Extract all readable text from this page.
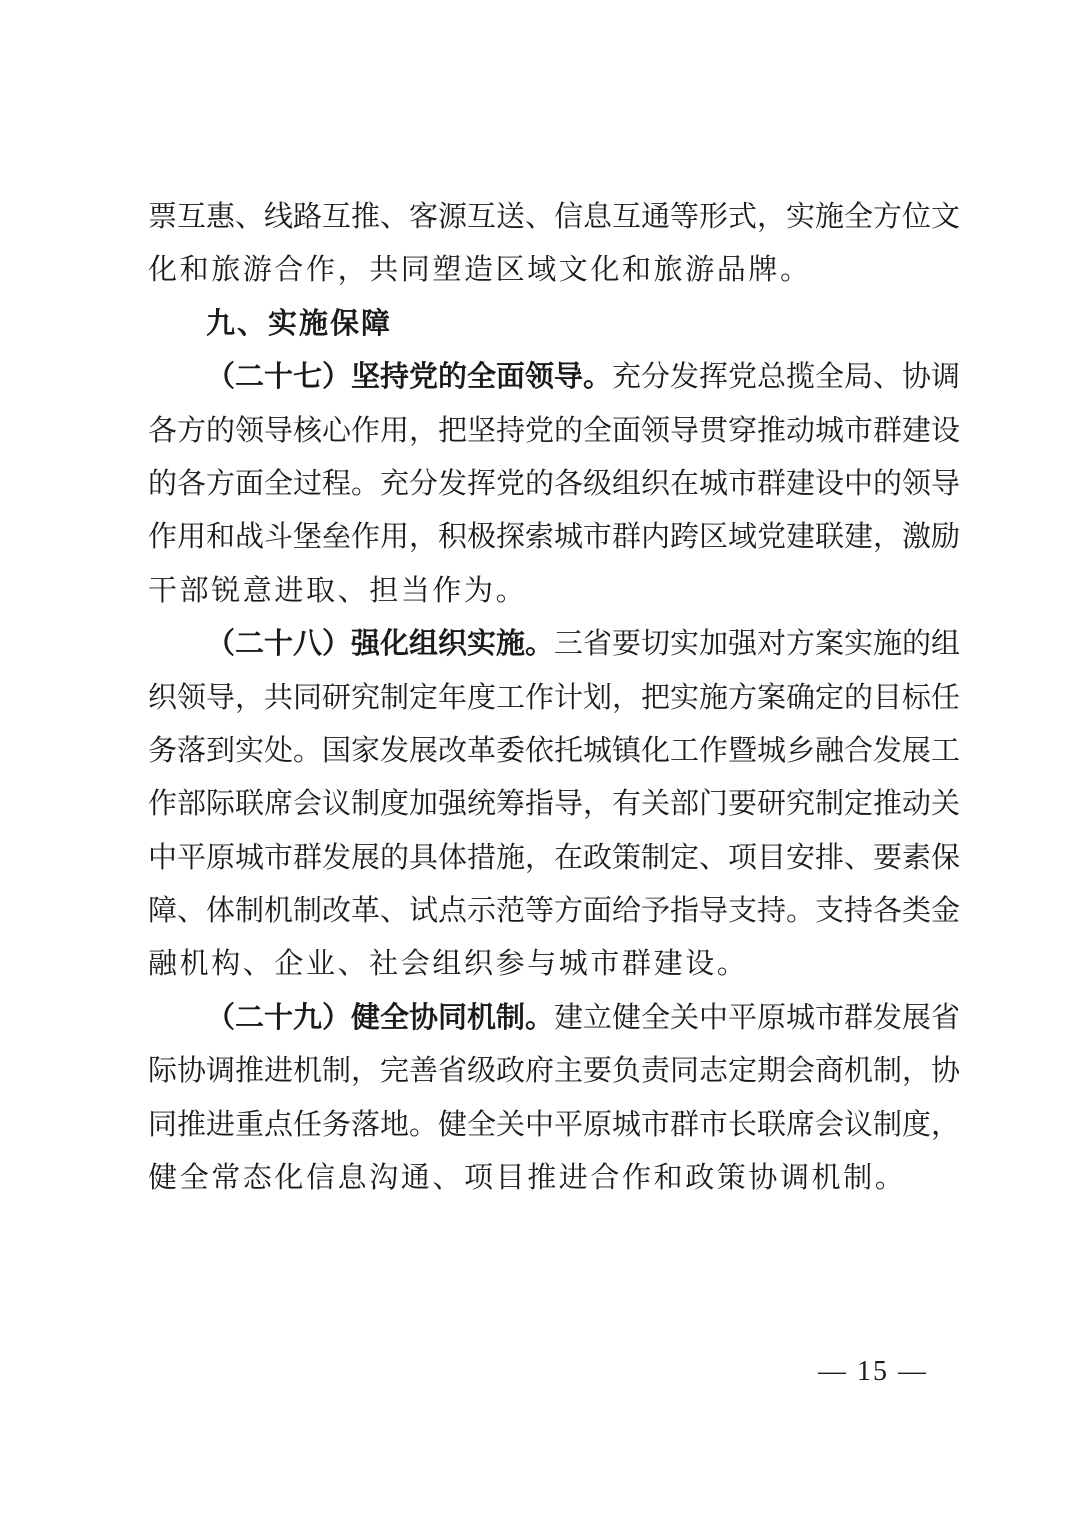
票互惠、线路互推、客源互送、信息互通等形式，实施全方位文
化和旅游合作，共同塑造区域文化和旅游品牌。
九、实施保障
（二十七）坚持党的全面领导。充分发挥党总揽全局、协调
各方的领导核心作用，把坚持党的全面领导贯穿推动城市群建设
的各方面全过程。充分发挥党的各级组织在城市群建设中的领导
作用和战斗堡垒作用，积极探索城市群内跨区域党建联建，激励
干部锐意进取、担当作为。
（二十八）强化组织实施。三省要切实加强对方案实施的组
织领导，共同研究制定年度工作计划，把实施方案确定的目标任
务落到实处。国家发展改革委依托城镇化工作暨城乡融合发展工
作部际联席会议制度加强统筹指导，有关部门要研究制定推动关
中平原城市群发展的具体措施，在政策制定、项目安排、要素保
障、体制机制改革、试点示范等方面给予指导支持。支持各类金
融机构、企业、社会组织参与城市群建设。
（二十九）健全协同机制。建立健全关中平原城市群发展省
际协调推进机制，完善省级政府主要负责同志定期会商机制，协
同推进重点任务落地。健全关中平原城市群市长联席会议制度，
健全常态化信息沟通、项目推进合作和政策协调机制。
— 15 —
